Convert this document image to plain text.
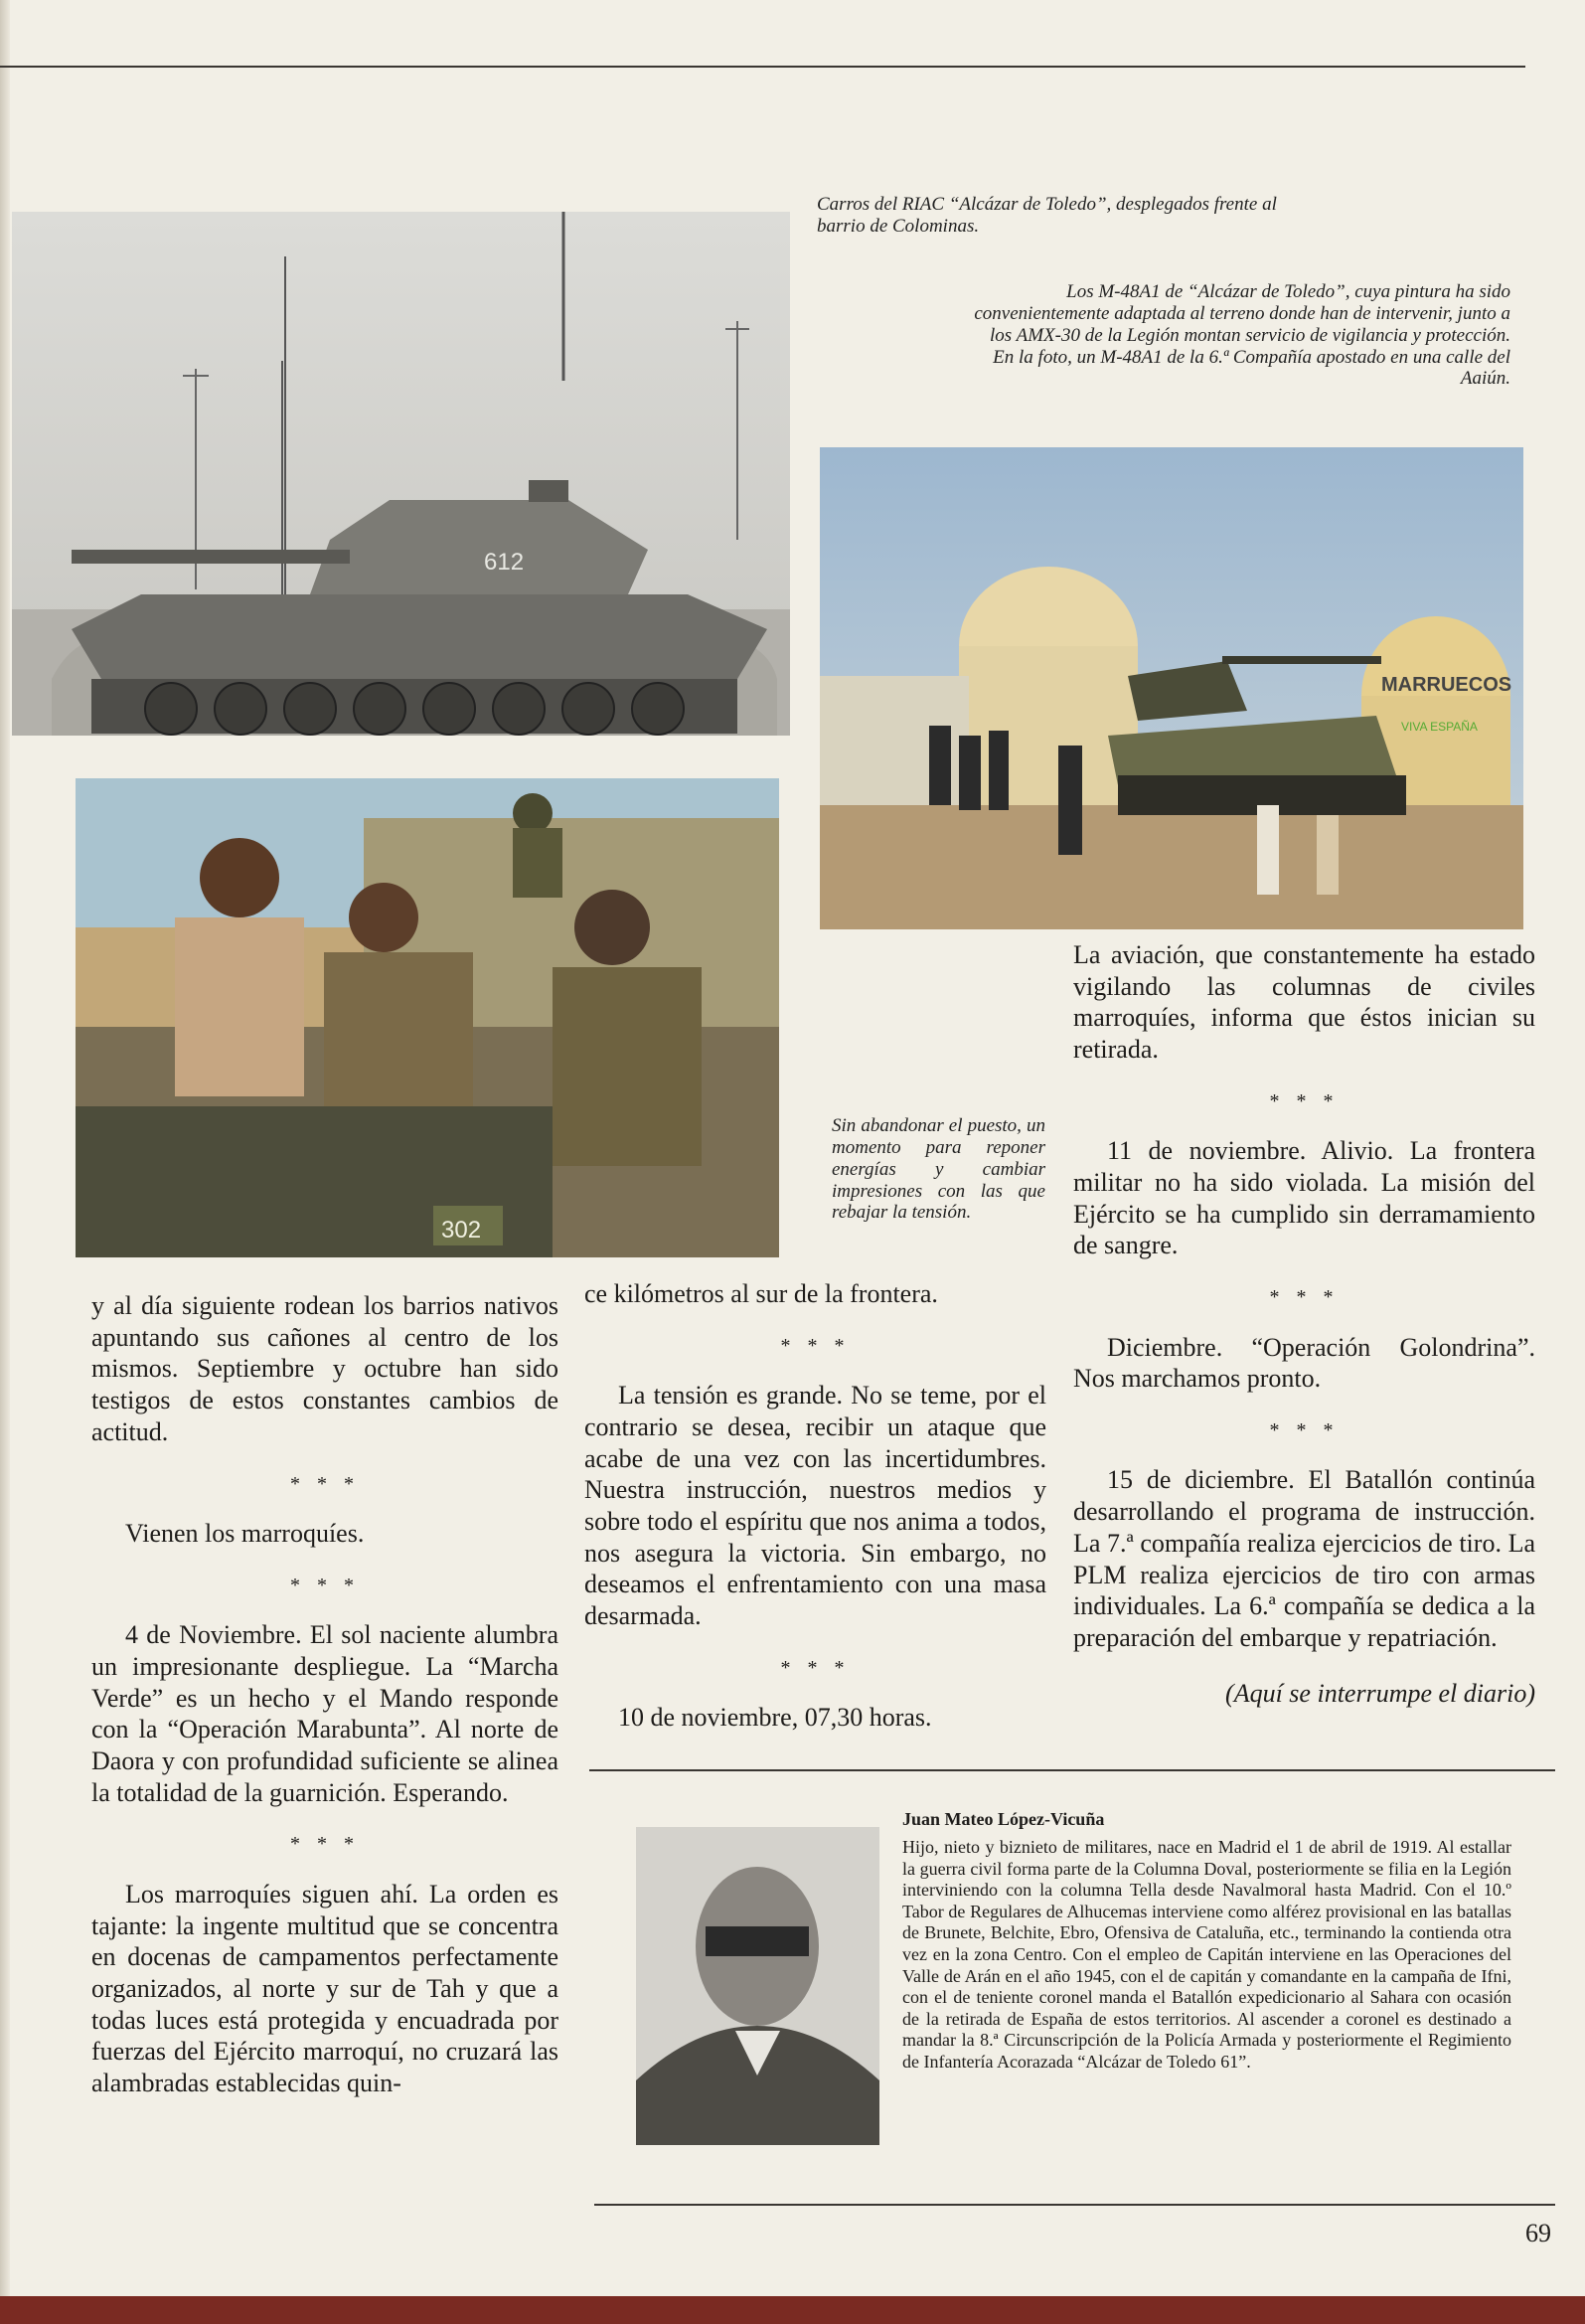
612
Carros del RIAC “Alcázar de Toledo”, desplegados frente al barrio de Colominas.
Los M-48A1 de “Alcázar de Toledo”, cuya pintura ha sido convenientemente adaptada al terreno donde han de intervenir, junto a los AMX-30 de la Legión montan servicio de vigilancia y protección. En la foto, un M-48A1 de la 6.ª Compañía apostado en una calle del Aaiún.
MARRUECOS
VIVA ESPAÑA
302
Sin abandonar el puesto, un momento para reponer energías y cambiar impresiones con las que rebajar la tensión.

y al día siguiente rodean los barrios nativos apuntando sus cañones al centro de los mismos. Septiembre y octubre han sido testigos de estos constantes cambios de actitud.

* * *

Vienen los marroquíes.

* * *

4 de Noviembre. El sol naciente alumbra un impresionante despliegue. La “Marcha Verde” es un hecho y el Mando responde con la “Operación Marabunta”. Al norte de Daora y con profundidad suficiente se alinea la totalidad de la guarnición. Esperando.

* * *

Los marroquíes siguen ahí. La orden es tajante: la ingente multitud que se concentra en docenas de campamentos perfectamente organizados, al norte y sur de Tah y que a todas luces está protegida y encuadrada por fuerzas del Ejército marroquí, no cruzará las alambradas establecidas quin-

ce kilómetros al sur de la frontera.

* * *

La tensión es grande. No se teme, por el contrario se desea, recibir un ataque que acabe de una vez con las incertidumbres. Nuestra instrucción, nuestros medios y sobre todo el espíritu que nos anima a todos, nos asegura la victoria. Sin embargo, no deseamos el enfrentamiento con una masa desarmada.

* * *

10 de noviembre, 07,30 horas.

La aviación, que constantemente ha estado vigilando las columnas de civiles marroquíes, informa que éstos inician su retirada.

* * *

11 de noviembre. Alivio. La frontera militar no ha sido violada. La misión del Ejército se ha cumplido sin derramamiento de sangre.

* * *

Diciembre. “Operación Golondrina”. Nos marchamos pronto.

* * *

15 de diciembre. El Batallón continúa desarrollando el programa de instrucción. La 7.ª compañía realiza ejercicios de tiro. La PLM realiza ejercicios de tiro con armas individuales. La 6.ª compañía se dedica a la preparación del embarque y repatriación.

(Aquí se interrumpe el diario)

Juan Mateo López-Vicuña
Hijo, nieto y biznieto de militares, nace en Madrid el 1 de abril de 1919. Al estallar la guerra civil forma parte de la Columna Doval, posteriormente se filia en la Legión interviniendo con la columna Tella desde Navalmoral hasta Madrid. Con el 10.º Tabor de Regulares de Alhucemas interviene como alférez provisional en las batallas de Brunete, Belchite, Ebro, Ofensiva de Cataluña, etc., terminando la contienda otra vez en la zona Centro. Con el empleo de Capitán interviene en las Operaciones del Valle de Arán en el año 1945, con el de capitán y comandante en la campaña de Ifni, con el de teniente coronel manda el Batallón expedicionario al Sahara con ocasión de la retirada de España de estos territorios. Al ascender a coronel es destinado a mandar la 8.ª Circunscripción de la Policía Armada y posteriormente el Regimiento de Infantería Acorazada “Alcázar de Toledo 61”.
69
